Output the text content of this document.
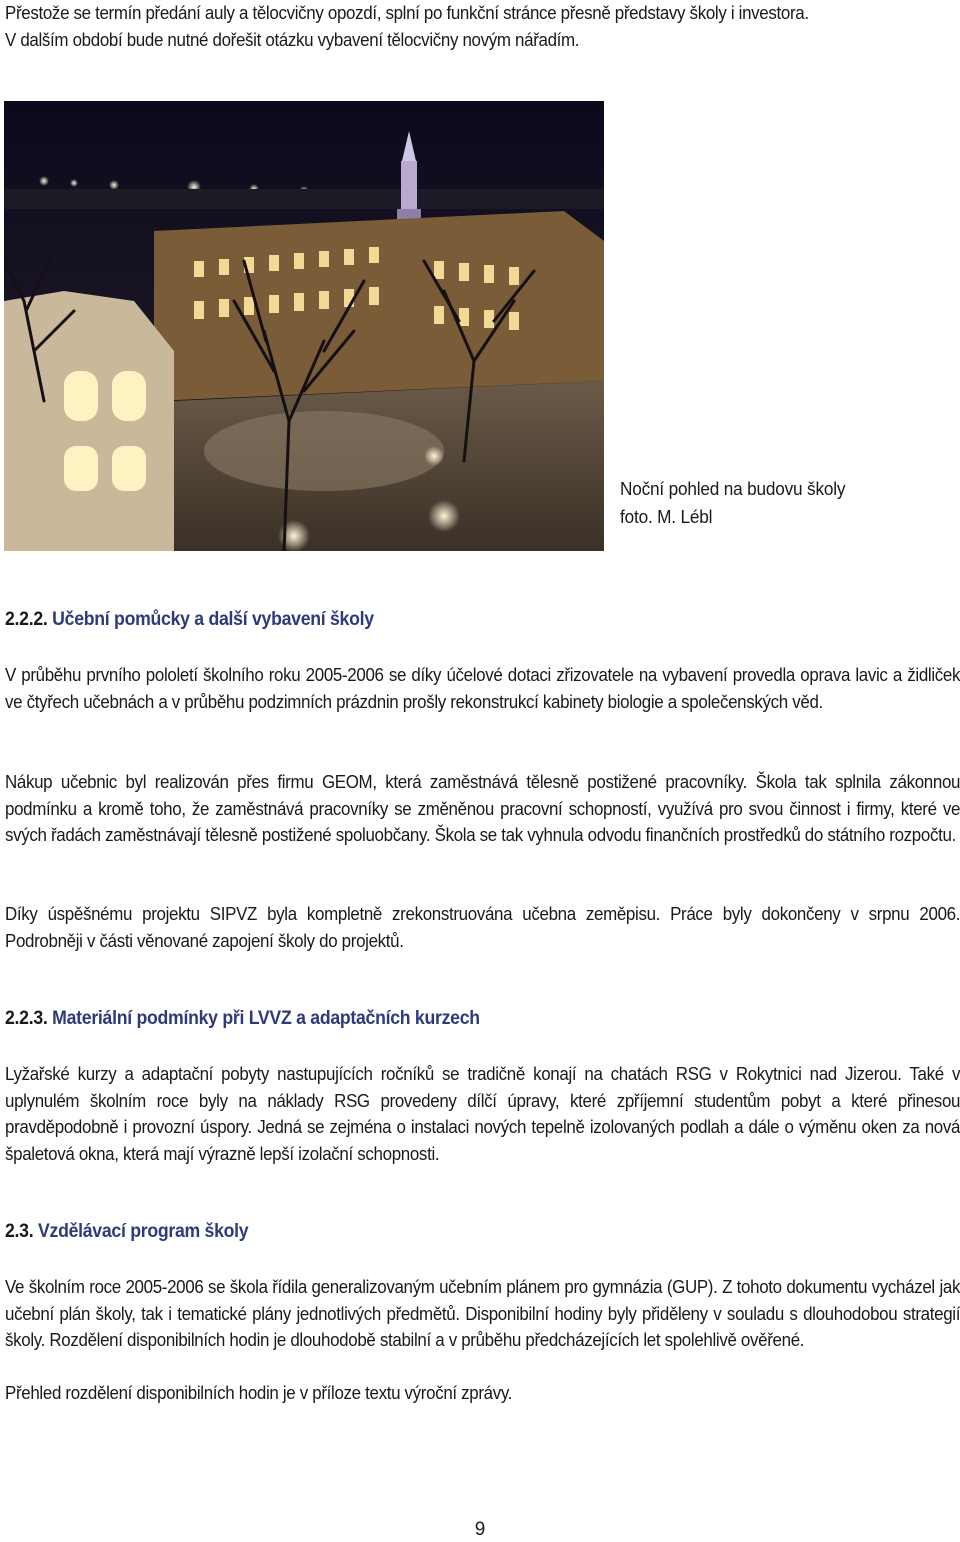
Přestože se termín předání auly a tělocvičny opozdí, splní po funkční stránce přesně představy školy i investora.
V dalším období bude nutné dořešit otázku vybavení tělocvičny novým nářadím.
Noční pohled na budovu školy
foto. M. Lébl
2.2.2. Učební pomůcky a další vybavení školy
V průběhu prvního pololetí školního roku 2005-2006 se díky účelové dotaci zřizovatele na vybavení provedla oprava lavic a židliček ve čtyřech učebnách a v průběhu podzimních prázdnin prošly rekonstrukcí kabinety biologie a společenských věd.
Nákup učebnic byl realizován přes firmu GEOM, která zaměstnává tělesně postižené pracovníky. Škola tak splnila zákonnou podmínku a kromě toho, že zaměstnává pracovníky se změněnou pracovní schopností, využívá pro svou činnost i firmy, které ve svých řadách zaměstnávají tělesně postižené spoluobčany. Škola se tak vyhnula odvodu finančních prostředků do státního rozpočtu.
Díky úspěšnému projektu SIPVZ byla kompletně zrekonstruována učebna zeměpisu. Práce byly dokončeny v srpnu 2006. Podrobněji v části věnované zapojení školy do projektů.
2.2.3. Materiální podmínky při LVVZ a adaptačních kurzech
Lyžařské kurzy a adaptační pobyty nastupujících ročníků se tradičně konají na chatách RSG v Rokytnici nad Jizerou. Také v uplynulém školním roce byly na náklady RSG provedeny dílčí úpravy, které zpříjemní studentům pobyt a které přinesou pravděpodobně i provozní úspory. Jedná se zejména o instalaci nových tepelně izolovaných podlah a dále o výměnu oken za nová špaletová okna, která mají výrazně lepší izolační schopnosti.
2.3. Vzdělávací program školy
Ve školním roce 2005-2006 se škola řídila generalizovaným učebním plánem pro gymnázia (GUP). Z tohoto dokumentu vycházel jak učební plán školy, tak i tematické plány jednotlivých předmětů. Disponibilní hodiny byly přiděleny v souladu s dlouhodobou strategií školy. Rozdělení disponibilních hodin je dlouhodobě stabilní a v průběhu předcházejících let spolehlivě ověřené.
Přehled rozdělení disponibilních hodin je v příloze textu výroční zprávy.
9
